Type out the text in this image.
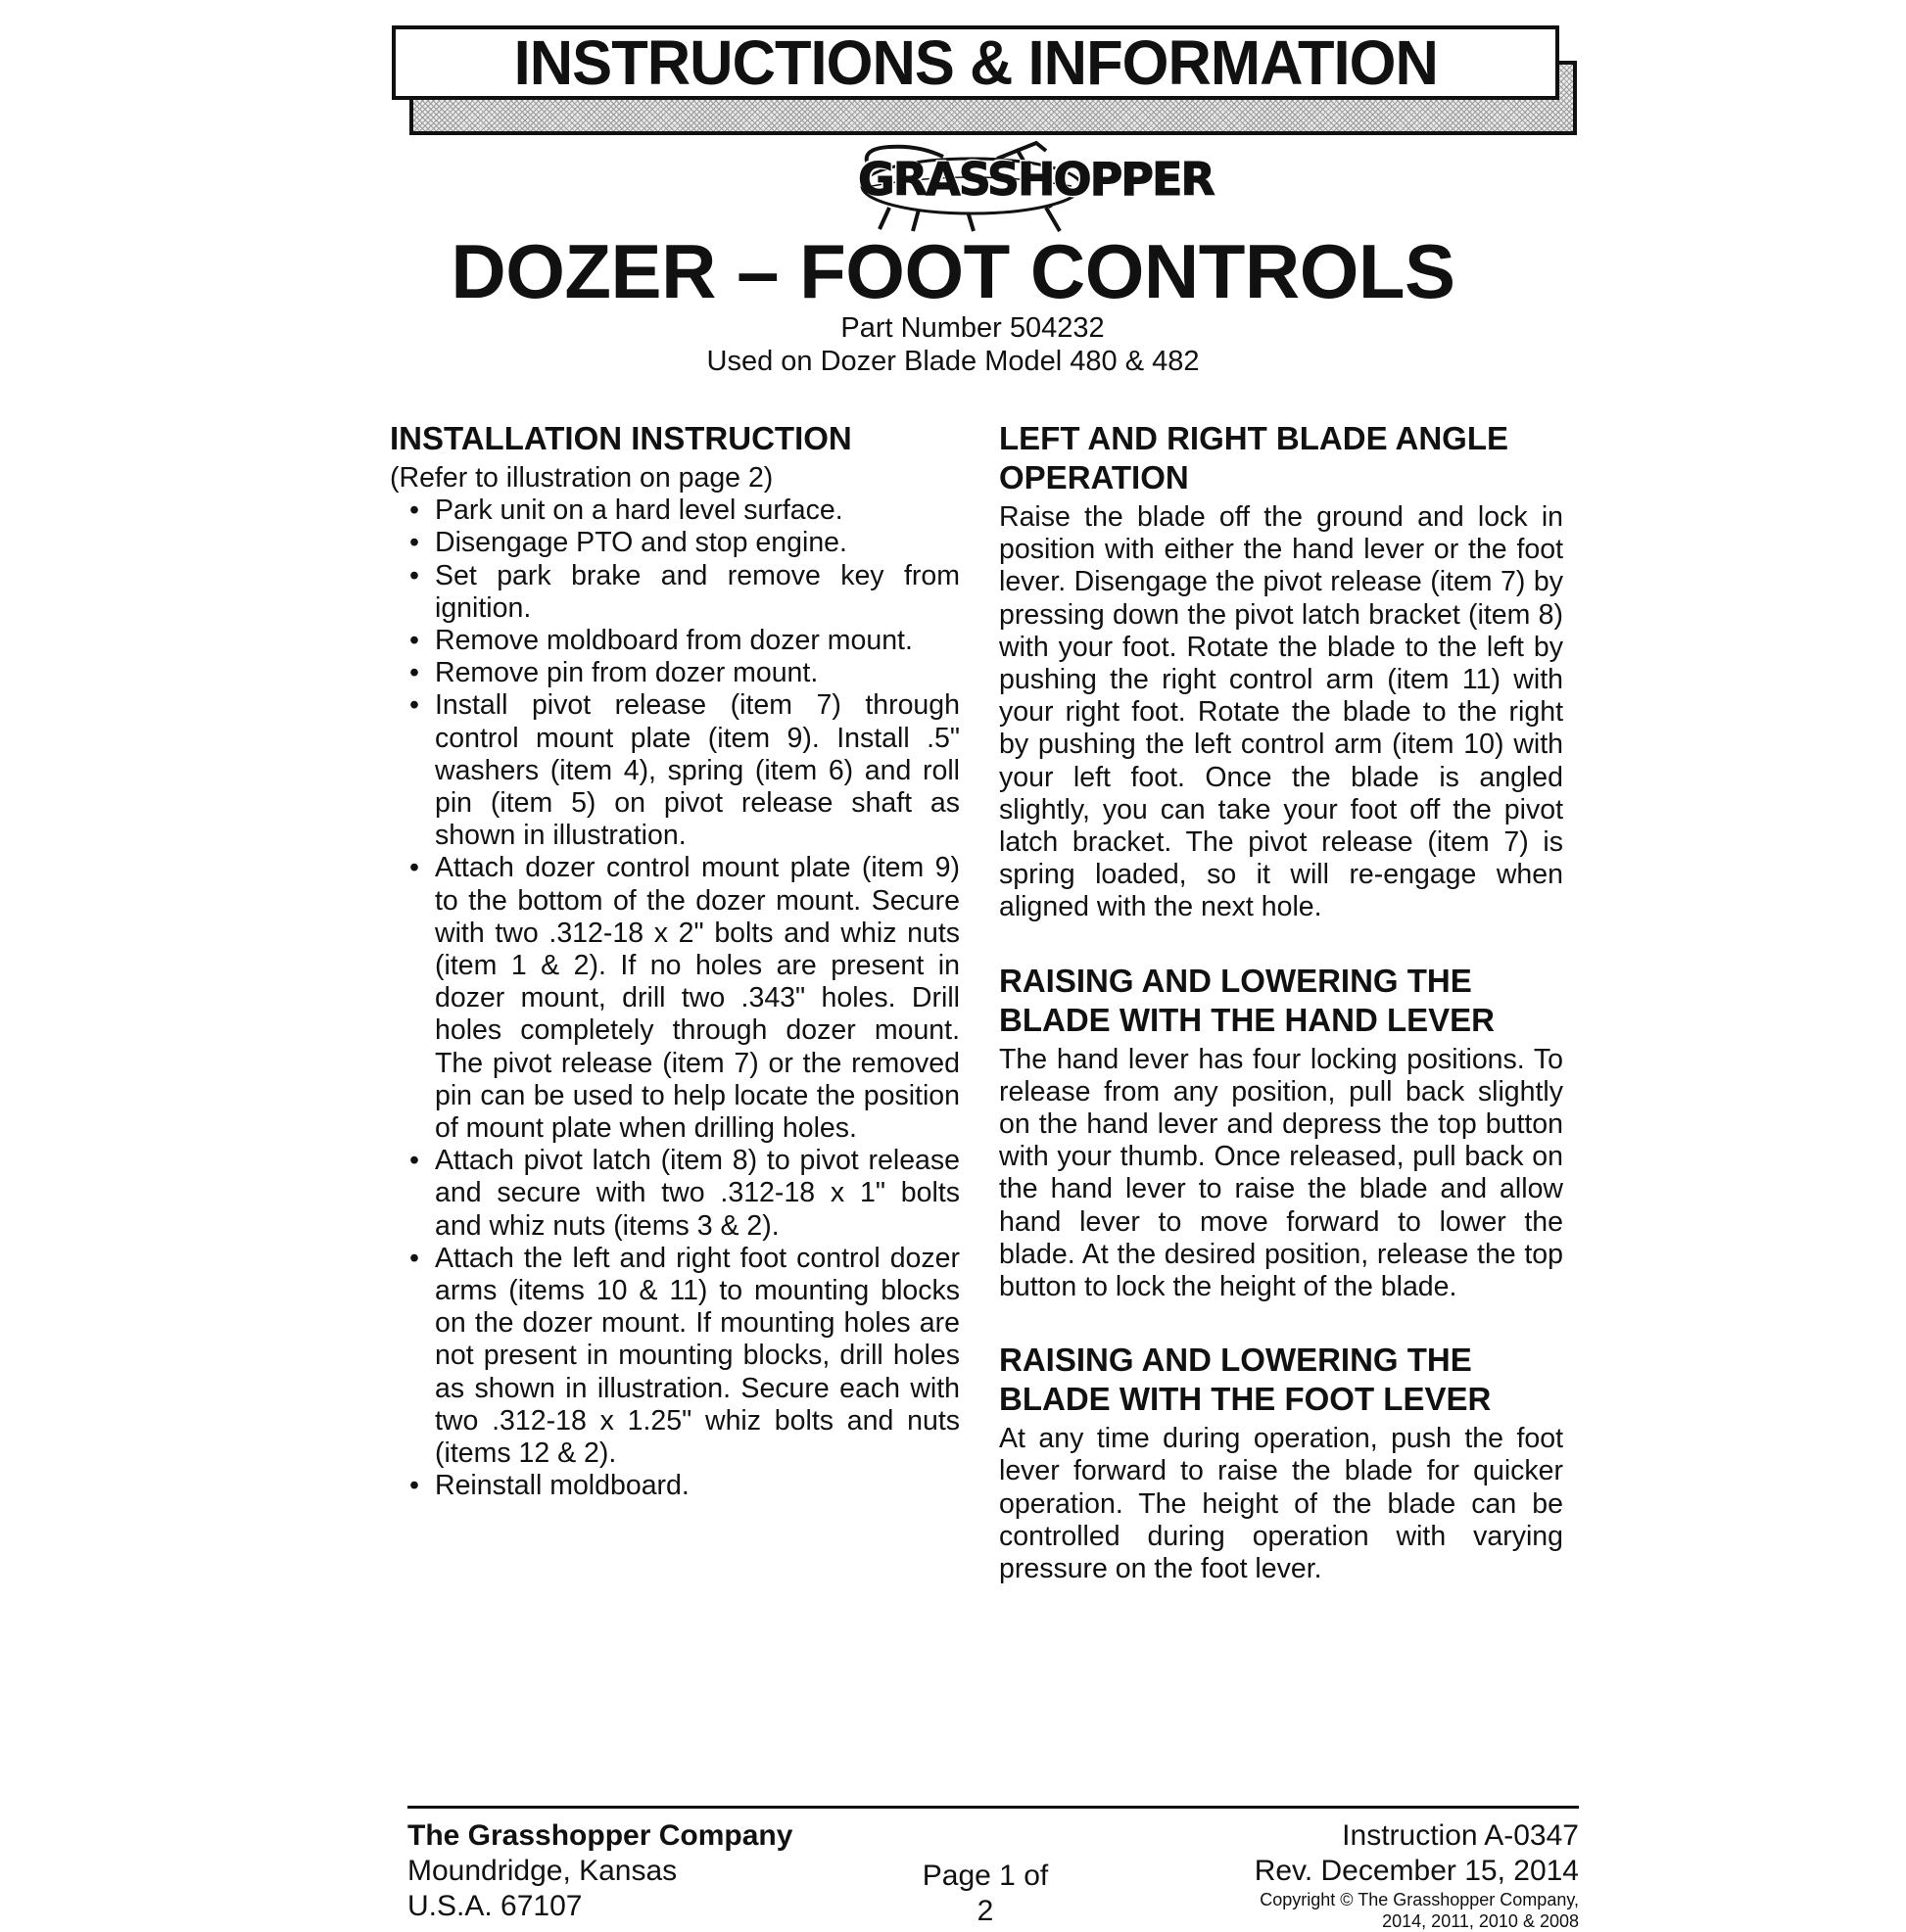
INSTRUCTIONS & INFORMATION
GRASSHOPPER
DOZER – FOOT CONTROLS
Part Number 504232
Used on Dozer Blade Model 480 & 482
INSTALLATION INSTRUCTION

(Refer to illustration on page 2)

• Park unit on a hard level surface.
• Disengage PTO and stop engine.
• Set park brake and remove key from ignition.
• Remove moldboard from dozer mount.
• Remove pin from dozer mount.
• Install pivot release (item 7) through control mount plate (item 9). Install .5" washers (item 4), spring (item 6) and roll pin (item 5) on pivot release shaft as shown in illustration.
• Attach dozer control mount plate (item 9) to the bottom of the dozer mount. Secure with two .312-18 x 2" bolts and whiz nuts (item 1 & 2). If no holes are present in dozer mount, drill two .343" holes. Drill holes completely through dozer mount. The pivot release (item 7) or the removed pin can be used to help locate the position of mount plate when drilling holes.
• Attach pivot latch (item 8) to pivot release and secure with two .312-18 x 1" bolts and whiz nuts (items 3 & 2).
• Attach the left and right foot control dozer arms (items 10 & 11) to mounting blocks on the dozer mount. If mounting holes are not present in mounting blocks, drill holes as shown in illustration. Secure each with two .312-18 x 1.25" whiz bolts and nuts (items 12 & 2).
• Reinstall moldboard.
LEFT AND RIGHT BLADE ANGLE OPERATION

Raise the blade off the ground and lock in position with either the hand lever or the foot lever. Disengage the pivot release (item 7) by pressing down the pivot latch bracket (item 8) with your foot. Rotate the blade to the left by pushing the right control arm (item 11) with your right foot. Rotate the blade to the right by pushing the left control arm (item 10) with your left foot. Once the blade is angled slightly, you can take your foot off the pivot latch bracket. The pivot release (item 7) is spring loaded, so it will re-engage when aligned with the next hole.

RAISING AND LOWERING THE BLADE WITH THE HAND LEVER

The hand lever has four locking positions. To release from any position, pull back slightly on the hand lever and depress the top button with your thumb. Once released, pull back on the hand lever to raise the blade and allow hand lever to move forward to lower the blade. At the desired position, release the top button to lock the height of the blade.

RAISING AND LOWERING THE BLADE WITH THE FOOT LEVER

At any time during operation, push the foot lever forward to raise the blade for quicker operation. The height of the blade can be controlled during operation with varying pressure on the foot lever.

The Grasshopper Company
Moundridge, Kansas
U.S.A. 67107
Page 1 of 2
Instruction A-0347
Rev. December 15, 2014
Copyright © The Grasshopper Company,
2014, 2011, 2010 & 2008
